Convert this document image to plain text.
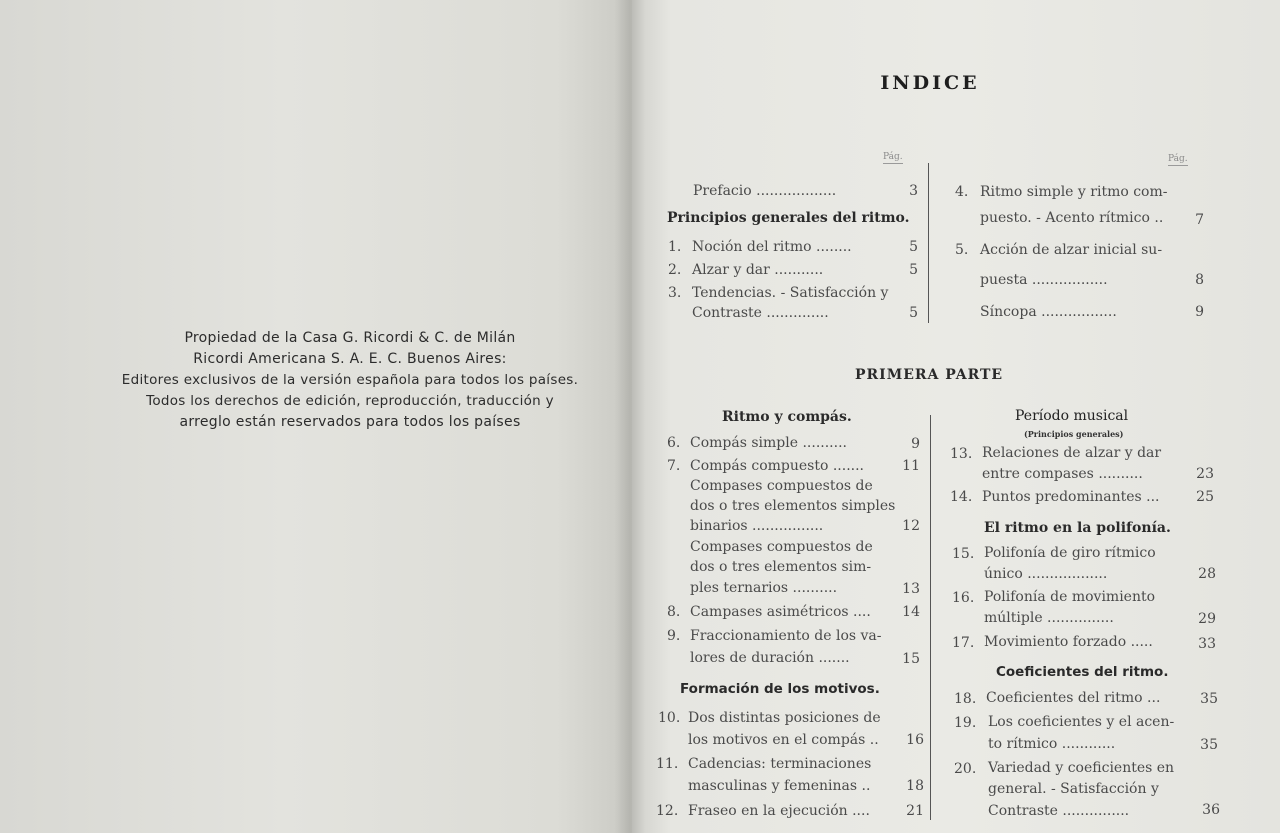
Propiedad de la Casa G. Ricordi & C. de Milán
Ricordi Americana S. A. E. C. Buenos Aires:
Editores exclusivos de la versión española para todos los países.
Todos los derechos de edición, reproducción, traducción y
arreglo están reservados para todos los países
INDICE
Pág.	Pág.
Prefacio ..................	3
Principios generales del ritmo.
1. Noción del ritmo ........	5
2. Alzar y dar ...........	5
3. Tendencias. - Satisfacción y
Contraste ..............	5
4. Ritmo simple y ritmo com-
puesto. - Acento rítmico ..	7
5. Acción de alzar inicial su-
puesta .................	8
Síncopa .................	9
PRIMERA PARTE
Ritmo y compás.
Formación de los motivos.
Período musical
(Principios generales)
El ritmo en la polifonía.
Coeficientes del ritmo.
6. Compás simple ..........	9
7. Compás compuesto .......	11
Compases compuestos de
dos o tres elementos simples
binarios ................	12
Compases compuestos de
dos o tres elementos sim-
ples ternarios ..........	13
8. Campases asimétricos ....	14
9. Fraccionamiento de los va-
lores de duración .......	15
10. Dos distintas posiciones de
los motivos en el compás ..	16
11. Cadencias: terminaciones
masculinas y femeninas ..	18
12. Fraseo en la ejecución ....	21
13. Relaciones de alzar y dar
entre compases ..........	23
14. Puntos predominantes ...	25
15. Polifonía de giro rítmico
único ..................	28
16. Polifonía de movimiento
múltiple ...............	29
17. Movimiento forzado .....	33
18. Coeficientes del ritmo ...	35
19. Los coeficientes y el acen-
to rítmico ............	35
20. Variedad y coeficientes en
general. - Satisfacción y
Contraste ...............	36
